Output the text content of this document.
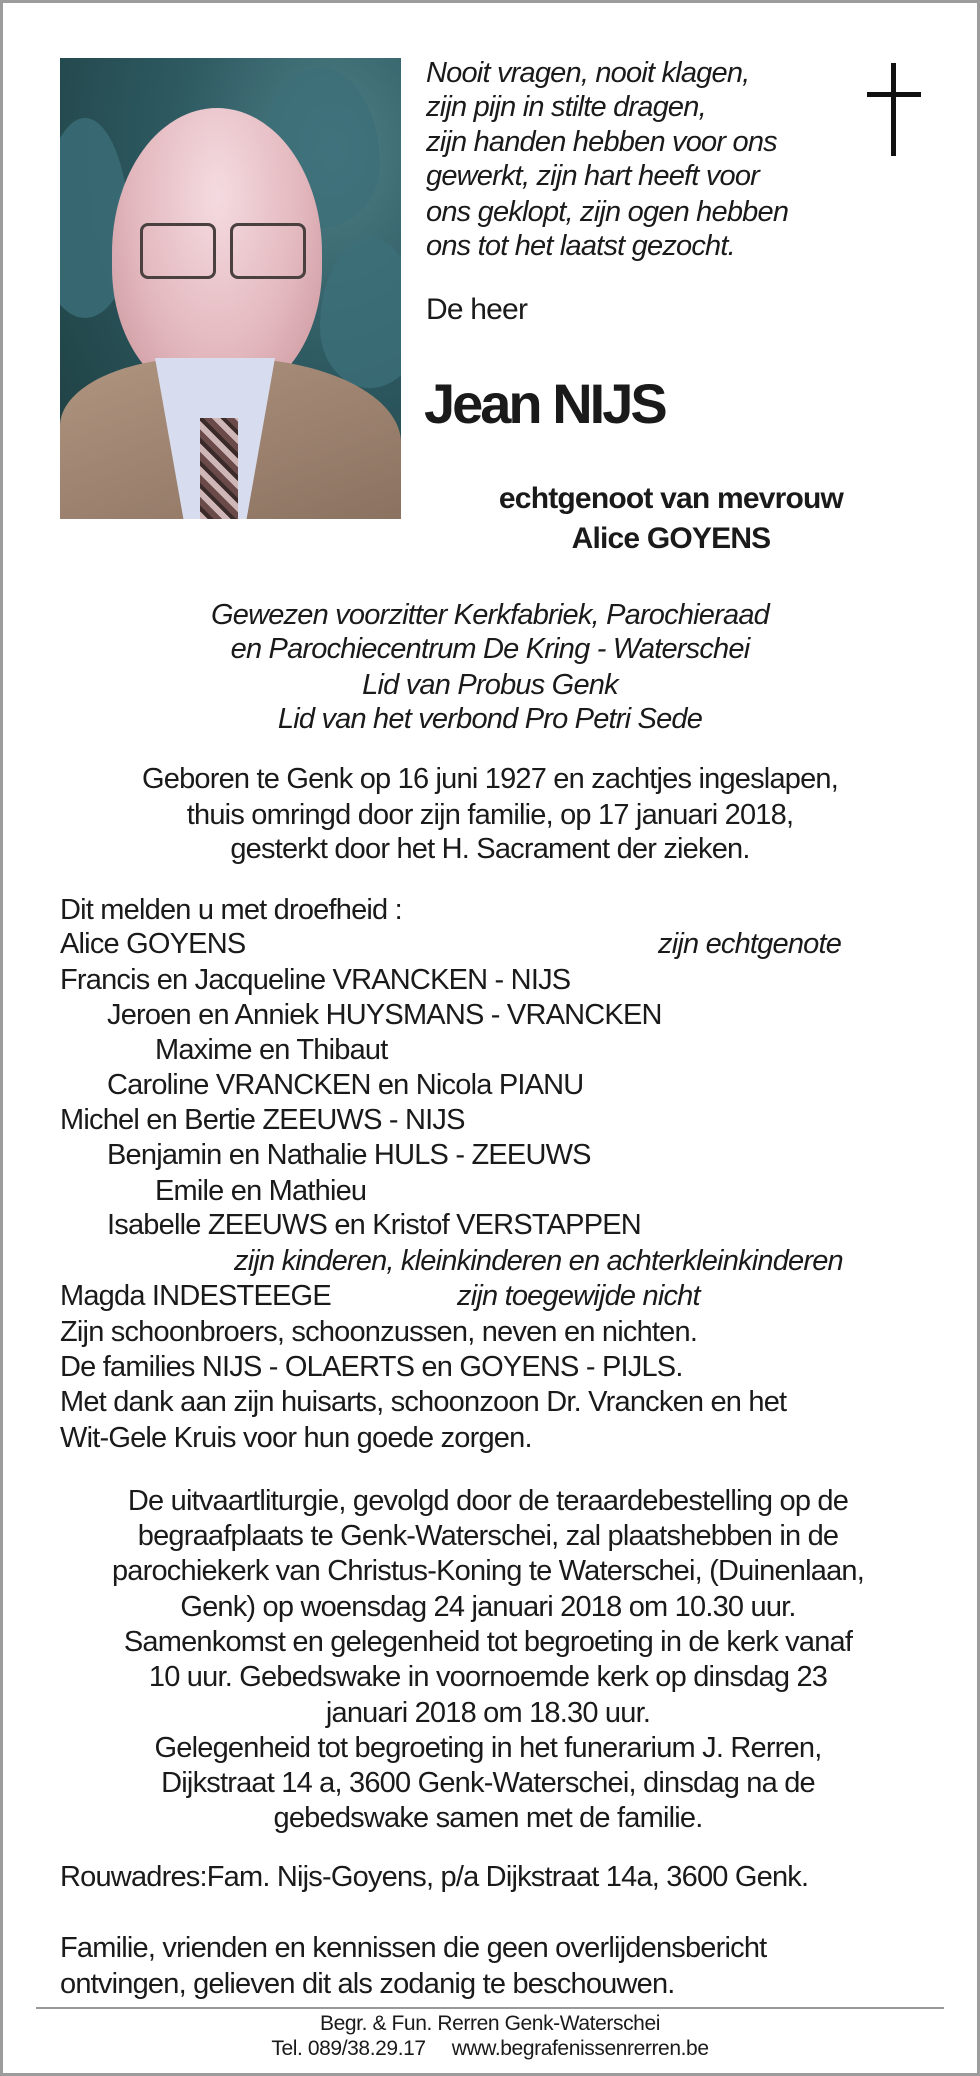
Nooit vragen, nooit klagen,
zijn pijn in stilte dragen,
zijn handen hebben voor ons
gewerkt, zijn hart heeft voor
ons geklopt, zijn ogen hebben
ons tot het laatst gezocht.
De heer
Jean NIJS
echtgenoot van mevrouw
Alice GOYENS
Gewezen voorzitter Kerkfabriek, Parochieraad
en Parochiecentrum De Kring - Waterschei
Lid van Probus Genk
Lid van het verbond Pro Petri Sede
Geboren te Genk op 16 juni 1927 en zachtjes ingeslapen,
thuis omringd door zijn familie, op 17 januari 2018,
gesterkt door het H. Sacrament der zieken.
Dit melden u met droefheid :
Alice GOYENS	zijn echtgenote
Francis en Jacqueline VRANCKEN - NIJS
Jeroen en Anniek HUYSMANS - VRANCKEN
Maxime en Thibaut
Caroline VRANCKEN en Nicola PIANU
Michel en Bertie ZEEUWS - NIJS
Benjamin en Nathalie HULS - ZEEUWS
Emile en Mathieu
Isabelle ZEEUWS en Kristof VERSTAPPEN
zijn kinderen, kleinkinderen en achterkleinkinderen
Magda INDESTEEGE	zijn toegewijde nicht
Zijn schoonbroers, schoonzussen, neven en nichten.
De families NIJS - OLAERTS en GOYENS - PIJLS.
Met dank aan zijn huisarts, schoonzoon Dr. Vrancken en het
Wit-Gele Kruis voor hun goede zorgen.
De uitvaartliturgie, gevolgd door de teraardebestelling op de
begraafplaats te Genk-Waterschei, zal plaatshebben in de
parochiekerk van Christus-Koning te Waterschei, (Duinenlaan,
Genk) op woensdag 24 januari 2018 om 10.30 uur.
Samenkomst en gelegenheid tot begroeting in de kerk vanaf
10 uur. Gebedswake in voornoemde kerk op dinsdag 23
januari 2018 om 18.30 uur.
Gelegenheid tot begroeting in het funerarium J. Rerren,
Dijkstraat 14 a, 3600 Genk-Waterschei, dinsdag na de
gebedswake samen met de familie.
Rouwadres:Fam. Nijs-Goyens, p/a Dijkstraat 14a, 3600 Genk.
Familie, vrienden en kennissen die geen overlijdensbericht
ontvingen, gelieven dit als zodanig te beschouwen.
Begr. & Fun. Rerren Genk-Waterschei
Tel. 089/38.29.17 www.begrafenissenrerren.be
